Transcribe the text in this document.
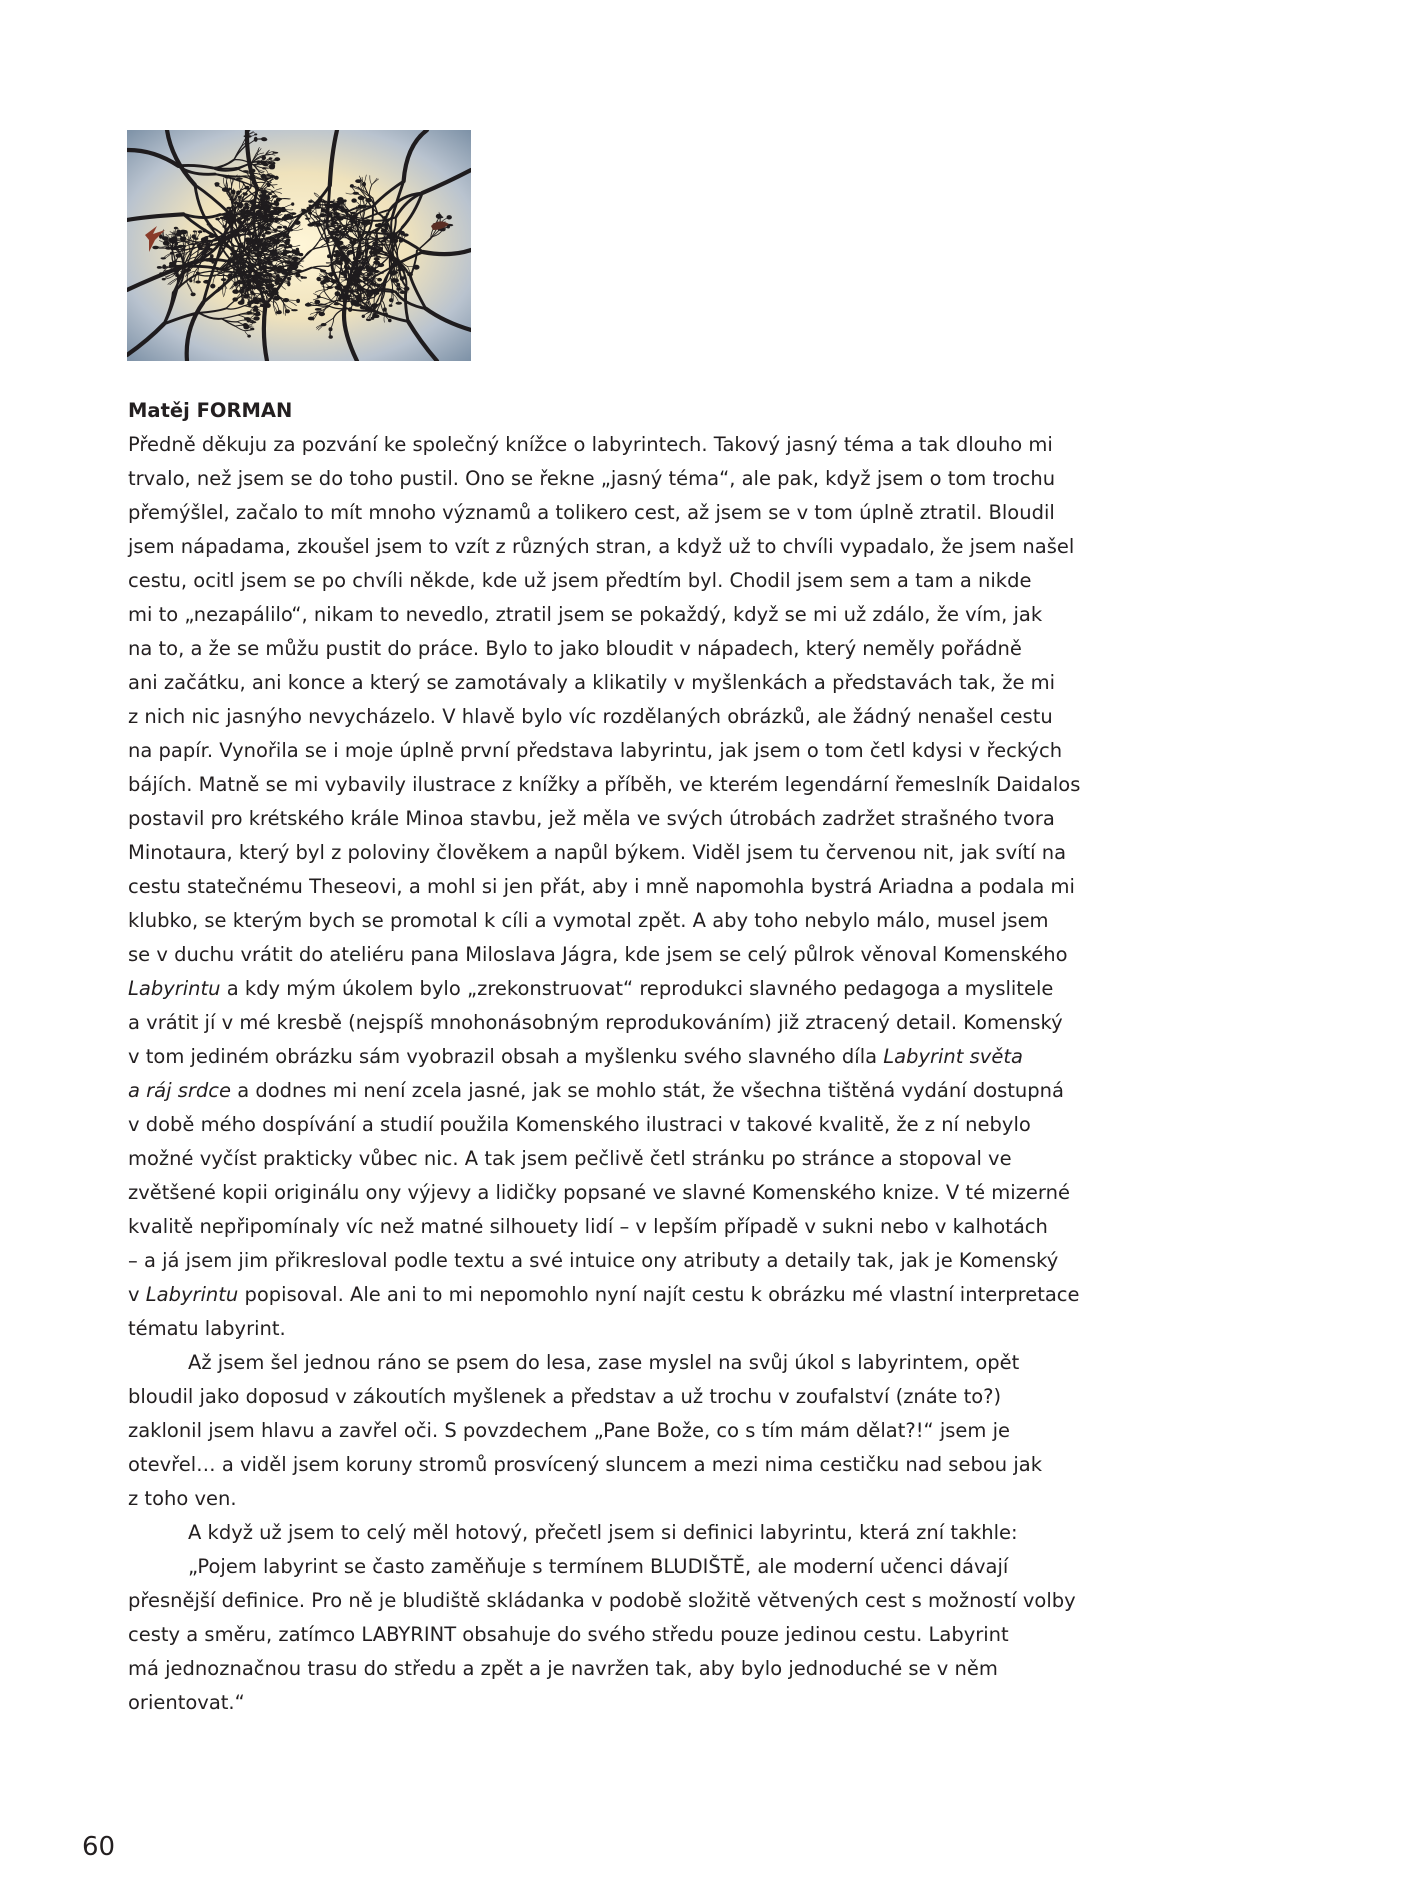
Matěj FORMAN

Předně děkuju za pozvání ke společný knížce o labyrintech. Takový jasný téma a tak dlouho mi

trvalo, než jsem se do toho pustil. Ono se řekne „jasný téma“, ale pak, když jsem o tom trochu

přemýšlel, začalo to mít mnoho významů a tolikero cest, až jsem se v tom úplně ztratil. Bloudil

jsem nápadama, zkoušel jsem to vzít z různých stran, a když už to chvíli vypadalo, že jsem našel

cestu, ocitl jsem se po chvíli někde, kde už jsem předtím byl. Chodil jsem sem a tam a nikde

mi to „nezapálilo“, nikam to nevedlo, ztratil jsem se pokaždý, když se mi už zdálo, že vím, jak

na to, a že se můžu pustit do práce. Bylo to jako bloudit v nápadech, který neměly pořádně

ani začátku, ani konce a který se zamotávaly a klikatily v myšlenkách a představách tak, že mi

z nich nic jasnýho nevycházelo. V hlavě bylo víc rozdělaných obrázků, ale žádný nenašel cestu

na papír. Vynořila se i moje úplně první představa labyrintu, jak jsem o tom četl kdysi v řeckých

bájích. Matně se mi vybavily ilustrace z knížky a příběh, ve kterém legendární řemeslník Daidalos

postavil pro krétského krále Minoa stavbu, jež měla ve svých útrobách zadržet strašného tvora

Minotaura, který byl z poloviny člověkem a napůl býkem. Viděl jsem tu červenou nit, jak svítí na

cestu statečnému Theseovi, a mohl si jen přát, aby i mně napomohla bystrá Ariadna a podala mi

klubko, se kterým bych se promotal k cíli a vymotal zpět. A aby toho nebylo málo, musel jsem

se v duchu vrátit do ateliéru pana Miloslava Jágra, kde jsem se celý půlrok věnoval Komenského

Labyrintu a kdy mým úkolem bylo „zrekonstruovat“ reprodukci slavného pedagoga a myslitele

a vrátit jí v mé kresbě (nejspíš mnohonásobným reprodukováním) již ztracený detail. Komenský

v tom jediném obrázku sám vyobrazil obsah a myšlenku svého slavného díla Labyrint světa

a ráj srdce a dodnes mi není zcela jasné, jak se mohlo stát, že všechna tištěná vydání dostupná

v době mého dospívání a studií použila Komenského ilustraci v takové kvalitě, že z ní nebylo

možné vyčíst prakticky vůbec nic. A tak jsem pečlivě četl stránku po stránce a stopoval ve

zvětšené kopii originálu ony výjevy a lidičky popsané ve slavné Komenského knize. V té mizerné

kvalitě nepřipomínaly víc než matné silhouety lidí – v lepším případě v sukni nebo v kalhotách

– a já jsem jim přikresloval podle textu a své intuice ony atributy a detaily tak, jak je Komenský

v Labyrintu popisoval. Ale ani to mi nepomohlo nyní najít cestu k obrázku mé vlastní interpretace

tématu labyrint.

Až jsem šel jednou ráno se psem do lesa, zase myslel na svůj úkol s labyrintem, opět

bloudil jako doposud v zákoutích myšlenek a představ a už trochu v zoufalství (znáte to?)

zaklonil jsem hlavu a zavřel oči. S povzdechem „Pane Bože, co s tím mám dělat?!“ jsem je

otevřel… a viděl jsem koruny stromů prosvícený sluncem a mezi nima cestičku nad sebou jak

z toho ven.

A když už jsem to celý měl hotový, přečetl jsem si definici labyrintu, která zní takhle:

„Pojem labyrint se často zaměňuje s termínem BLUDIŠTĚ, ale moderní učenci dávají

přesnější definice. Pro ně je bludiště skládanka v podobě složitě větvených cest s možností volby

cesty a směru, zatímco LABYRINT obsahuje do svého středu pouze jedinou cestu. Labyrint

má jednoznačnou trasu do středu a zpět a je navržen tak, aby bylo jednoduché se v něm

orientovat.“

60
